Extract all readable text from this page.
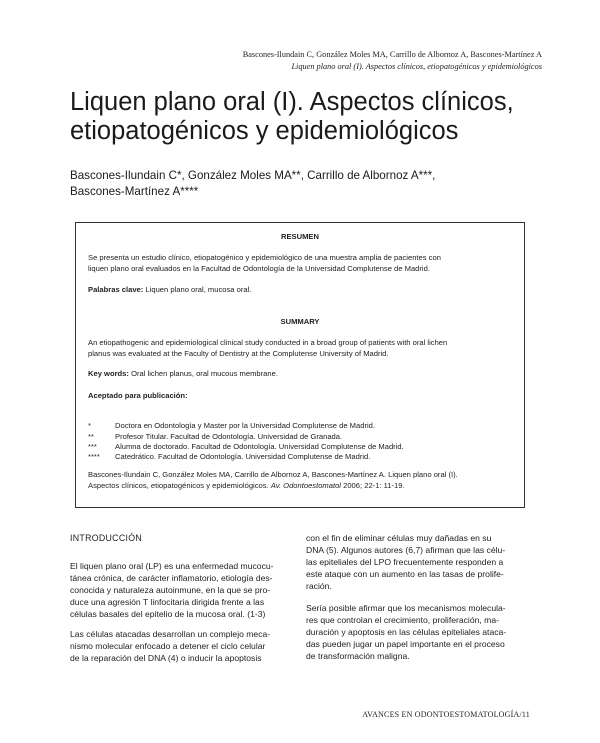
Bascones-Ilundain C, González Moles MA, Carrillo de Albornoz A, Bascones-Martínez A
Liquen plano oral (I). Aspectos clínicos, etiopatogénicos y epidemiológicos
Liquen plano oral (I). Aspectos clínicos,
etiopatogénicos y epidemiológicos
Bascones-Ilundain C*, González Moles MA**, Carrillo de Albornoz A***,
Bascones-Martínez A****
RESUMEN
Se presenta un estudio clínico, etiopatogénico y epidemiológico de una muestra amplia de pacientes con
liquen plano oral evaluados en la Facultad de Odontología de la Universidad Complutense de Madrid.
Palabras clave: Liquen plano oral, mucosa oral.
SUMMARY
An etiopathogenic and epidemiological clinical study conducted in a broad group of patients with oral lichen
planus was evaluated at the Faculty of Dentistry at the Complutense University of Madrid.
Key words: Oral lichen planus, oral mucous membrane.
Aceptado para publicación:
*	Doctora en Odontología y Master por la Universidad Complutense de Madrid.
**	Profesor Titular. Facultad de Odontología. Universidad de Granada.
*** Alumna de doctorado. Facultad de Odontología. Universidad Complutense de Madrid.
**** Catedrático. Facultad de Odontología. Universidad Complutense de Madrid.
Bascones-Ilundain C, González Moles MA, Carrillo de Albornoz A, Bascones-Martínez A. Liquen plano oral (I).
Aspectos clínicos, etiopatogénicos y epidemiológicos. Av. Odontoestomatol 2006; 22-1: 11-19.
INTRODUCCIÓN
El liquen plano oral (LP) es una enfermedad mucocu-
tánea crónica, de carácter inflamatorio, etiología des-
conocida y naturaleza autoinmune, en la que se pro-
duce una agresión T linfocitaria dirigida frente a las
células basales del epitelio de la mucosa oral. (1-3)
Las células atacadas desarrollan un complejo meca-
nismo molecular enfocado a detener el ciclo celular
de la reparación del DNA (4) o inducir la apoptosis
con el fin de eliminar células muy dañadas en su
DNA (5). Algunos autores (6,7) afirman que las célu-
las epiteliales del LPO frecuentemente responden a
este ataque con un aumento en las tasas de prolife-
ración.
Sería posible afirmar que los mecanismos molecula-
res que controlan el crecimiento, proliferación, ma-
duración y apoptosis en las células epiteliales ataca-
das pueden jugar un papel importante en el proceso
de transformación maligna.
AVANCES EN ODONTOESTOMATOLOGÍA/11
